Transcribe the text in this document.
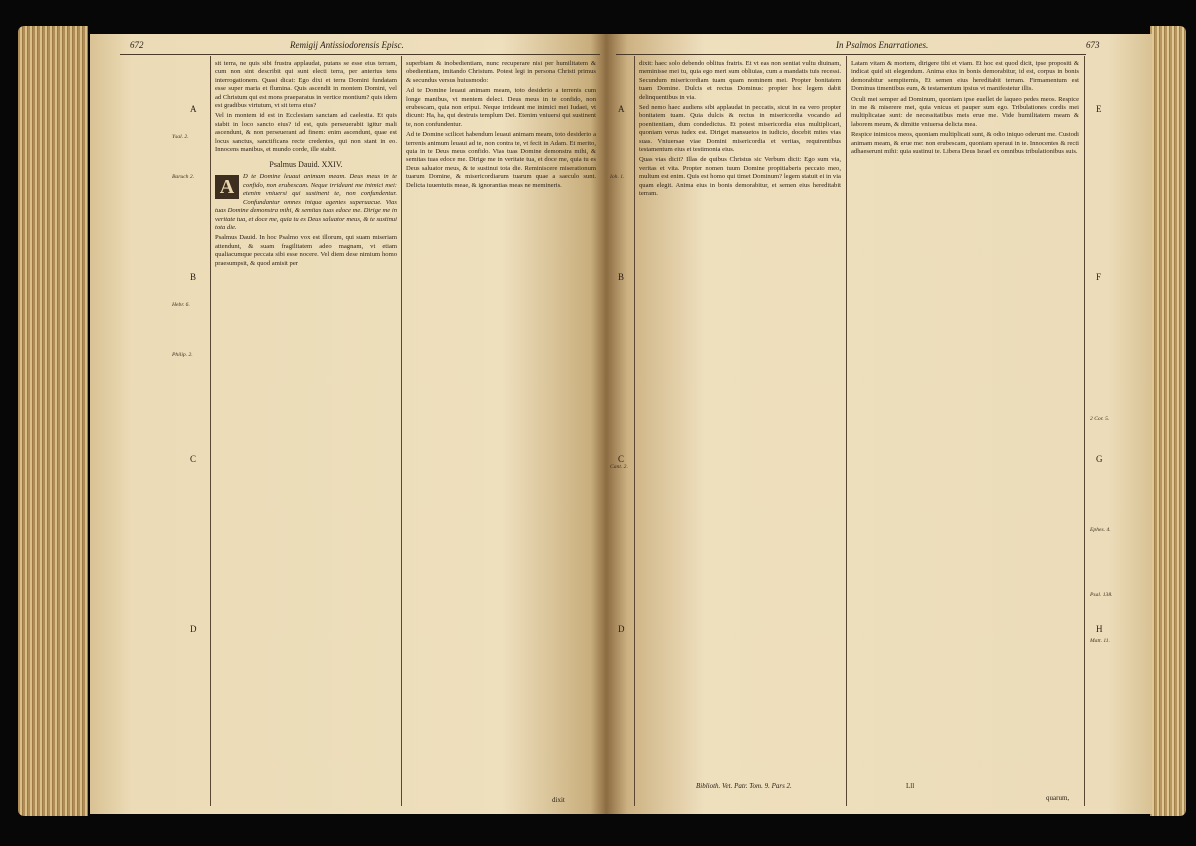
672	Remigij Antissiodorensis Episc.
A
B
C
D
Ysal. 2.
Baruch 2.
Hebr. 6.
Philip. 2.

sit terra, ne quis sibi frustra applaudat, putans se esse eius terram, cum non sint describit qui sunt electi terra, per anterius tens interrogationem. Quasi dicat: Ego dixi et terra Domini fundatam esse super maria et flumina. Quis ascendit in montem Domini, vel ad Christum qui est mons praeparatus in vertice montium? quis idem est gradibus virtutum, vt sit terra eius?

Vel in montem id est in Ecclesiam sanctam ad caelestia. Et quis stabit in loco sancto eius? id est, quis perseuerabit igitur mali ascendunt, & non perseuerant ad finem: enim ascendunt, quae est locus sanctus, sanctificans recte credentes, qui non stant in eo. Innocens manibus, et mundo corde, ille stabit.

Psalmus Dauid. XXIV.
A	D te Domine leuaui animam meam. Deus meus in te confido, non erubescam. Neque irrideant me inimici mei: etenim vniuersi qui sustinent te, non confundentur. Confundantur omnes iniqua agentes superuacue. Vias tuas Domine demonstra mihi, & semitas tuas edoce me. Dirige me in veritate tua, et doce me, quia tu es Deus saluator meus, & te sustinui tota die.

Psalmus Dauid. In hoc Psalmo vox est illorum, qui suam miseriam attendunt, & suam fragilitatem adeo magnam, vt etiam qualiacumque peccata sibi esse nocere. Vel diem dese nimium homo praesumpsit, & quod amisit per

superbiam & inobedientiam, nunc recuperare nisi per humilitatem & obedientiam, imitando Christum. Potest legi in persona Christi primus & secundus versus huiusmodo:

Ad te Domine leuaui animam meam, toto desiderio a terrenis cum longe manibus, vt mentem deleci. Deus meus in te confido, non erubescam, quia non eripui. Neque irrideant me inimici mei Iudaei, vt dicunt: Ha, ha, qui destruis templum Dei. Etenim vniuersi qui sustinent te, non confundentur.

Ad te Domine scilicet habendum leuaui animam meam, toto desiderio a terrenis animum leuaui ad te, non contra te, vt fecit in Adam. Et merito, quia in te Deus meus confido. Vias tuas Domine demonstra mihi, & semitas tuas edoce me. Dirige me in veritate tua, et doce me, quia tu es Deus saluator meus, & te sustinui tota die. Reminiscere miserationum tuarum Domine, & misericordiarum tuarum quae a saeculo sunt. Delicta iuuentutis meae, & ignorantias meas ne memineris.

dixit
In Psalmos Enarrationes.	673
E
F
G
H
A
B
C
D
Ioh. 1.
Cant. 2.
2 Cor. 5.
Ephes. 4.
Psal. 138.
Matt. 11.

dixit: haec solo debendo oblitus fratris. Et vt eas non sentiat vultu diuinam, meminisse mei tu, quia ego meri sum obliuias, cum a mandatis tuis recessi. Secundum misericordiam tuam quam nominem mei. Propter bonitatem tuam Domine. Dulcis et rectus Dominus: propter hoc legem dabit delinquentibus in via.

Sed nemo haec audiens sibi applaudat in peccatis, sicut in ea vero propter bonitatem tuam. Quia dulcis & rectus in misericordia vocando ad poenitentiam, dum condedictus. Et potest misericordia eius multiplicari, quoniam verus iudex est. Diriget mansuetos in iudicio, docebit mites vias suas. Vniuersae viae Domini misericordia et veritas, requirentibus testamentum eius et testimonia eius.

Quas vias dicit? Illas de quibus Christus sic Verbum dicit: Ego sum via, veritas et vita. Propter nomen tuum Domine propitiaberis peccato meo, multum est enim. Quis est homo qui timet Dominum? legem statuit ei in via quam elegit. Anima eius in bonis demorabitur, et semen eius hereditabit terram.

Latam vitam & mortem, dirigere tibi et viam. Et hoc est quod dicit, ipse propositi & indicat quid sit elegendum. Anima eius in bonis demorabitur, id est, corpus in bonis demorabitur sempiternis, Et semen eius hereditabit terram. Firmamentum est Dominus timentibus eum, & testamentum ipsius vt manifestetur illis.

Oculi mei semper ad Dominum, quoniam ipse euellet de laqueo pedes meos. Respice in me & miserere mei, quia vnicus et pauper sum ego. Tribulationes cordis mei multiplicatae sunt: de necessitatibus meis erue me. Vide humilitatem meam & laborem meum, & dimitte vniuersa delicta mea.

Respice inimicos meos, quoniam multiplicati sunt, & odio iniquo oderunt me. Custodi animam meam, & erue me: non erubescam, quoniam speraui in te. Innocentes & recti adhaeserunt mihi: quia sustinui te. Libera Deus Israel ex omnibus tribulationibus suis.

Biblioth. Vet. Patr. Tom. 9. Pars 2.	Lll
quarum,
